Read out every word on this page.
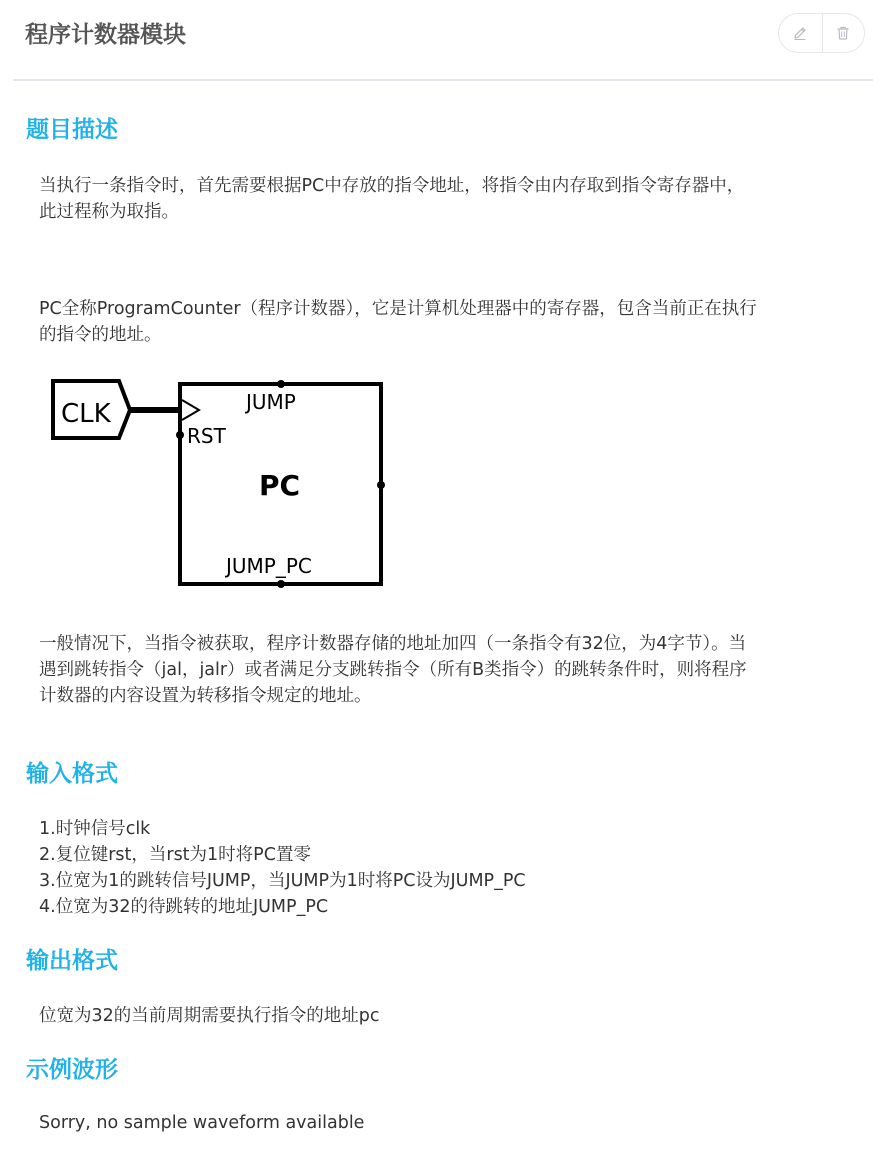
程序计数器模块
题目描述
当执行一条指令时，首先需要根据PC中存放的指令地址，将指令由内存取到指令寄存器中，
此过程称为取指。
PC全称ProgramCounter（程序计数器），它是计算机处理器中的寄存器，包含当前正在执行
的指令的地址。
CLK	JUMP
RST
PC
JUMP_PC
一般情况下，当指令被获取，程序计数器存储的地址加四（一条指令有32位，为4字节）。当
遇到跳转指令（jal，jalr）或者满足分支跳转指令（所有B类指令）的跳转条件时，则将程序
计数器的内容设置为转移指令规定的地址。
输入格式
1.时钟信号clk
2.复位键rst，当rst为1时将PC置零
3.位宽为1的跳转信号JUMP，当JUMP为1时将PC设为JUMP_PC
4.位宽为32的待跳转的地址JUMP_PC
输出格式
位宽为32的当前周期需要执行指令的地址pc
示例波形
Sorry, no sample waveform available
